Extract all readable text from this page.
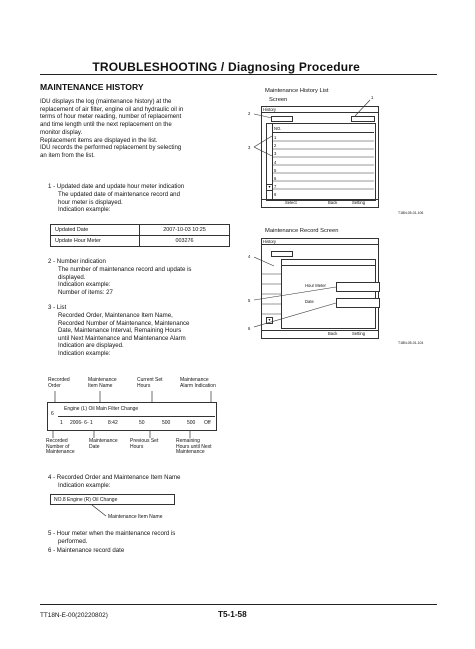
TROUBLESHOOTING / Diagnosing Procedure
MAINTENANCE HISTORY
IDU displays the log (maintenance history) at the
replacement of air filter, engine oil and hydraulic oil in
terms of hour meter reading, number of replacement
and time length until the next replacement on the
monitor display.
Replacement items are displayed in the list.
IDU records the performed replacement by selecting
an item from the list.
1 - Updated date and update hour meter indication
The updated date of maintenance record and
hour meter is displayed.
Indication example:
Updated Date	2007-10-03 10:25
Update Hour Meter	003276
2 - Number indication
The number of maintenance record and update is
displayed.
Indication example:
Number of items: 27
3 - List
Recorded Order, Maintenance Item Name,
Recorded Number of Maintenance, Maintenance
Date, Maintenance Interval, Remaining Hours
until Next Maintenance and Maintenance Alarm
Indication are displayed.
Indication example:
Recorded
Order
Maintenance
Item Name
Current Set
Hours
Maintenance
Alarm Indication
6
Engine (L) Oil Main Filter Change
1 2006- 6- 1	8:42	50	500	500 Off
Recorded
Number of
Maintenance
Maintenance
Date
Previous Set
Hours
Remaining
Hours until Next
Maintenance
4 - Recorded Order and Maintenance Item Name
Indication example:
NO.8 Engine (R) Oil Change
Maintenance Item Name
5 - Hour meter when the maintenance record is
performed.
6 - Maintenance record date
Maintenance History List
Screen	1
2
3
History
NO.
1
2
3
4
5
6
7
8
▼
Select	Back	Setting
T1BN-05-01-106
Maintenance Record Screen
History
Hour Meter
Date
▼
Back	Setting
T1BN-05-01-104
4
5
6
TT18N-E-00(20220802)	T5-1-58
